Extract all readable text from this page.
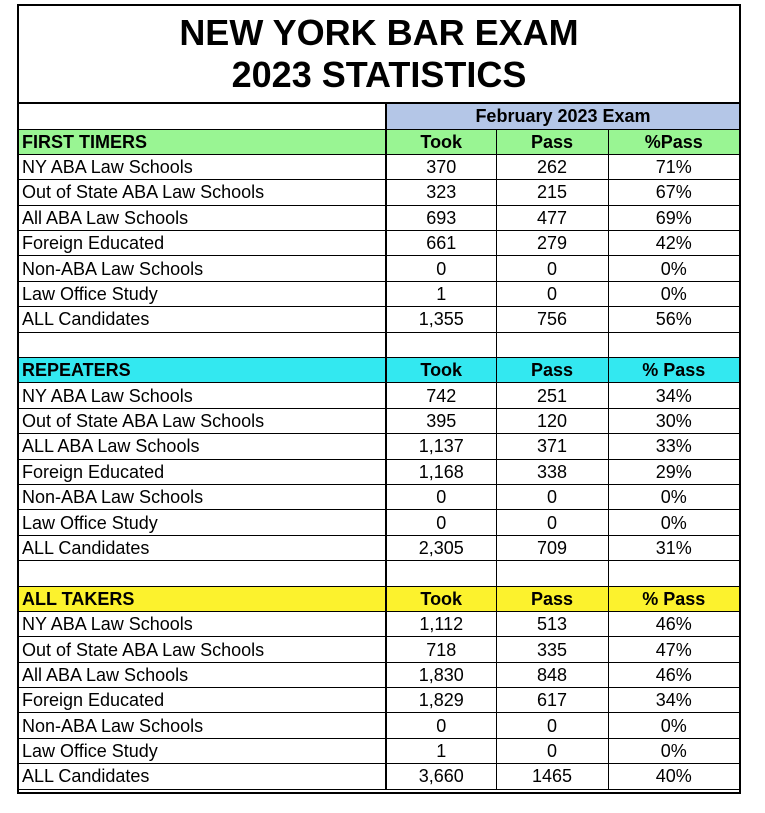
NEW YORK BAR EXAM
2023 STATISTICS
	February 2023 Exam		
FIRST TIMERS	Took	Pass	%Pass
NY ABA Law Schools	370	262	71%
Out of State ABA Law Schools	323	215	67%
All ABA Law Schools	693	477	69%
Foreign Educated	661	279	42%
Non-ABA Law Schools	0	0	0%
Law Office Study	1	0	0%
ALL Candidates	1,355	756	56%

REPEATERS	Took	Pass	% Pass
NY ABA Law Schools	742	251	34%
Out of State ABA Law Schools	395	120	30%
ALL ABA Law Schools	1,137	371	33%
Foreign Educated	1,168	338	29%
Non-ABA Law Schools	0	0	0%
Law Office Study	0	0	0%
ALL Candidates	2,305	709	31%

ALL TAKERS	Took	Pass	% Pass
NY ABA Law Schools	1,112	513	46%
Out of State ABA Law Schools	718	335	47%
All ABA Law Schools	1,830	848	46%
Foreign Educated	1,829	617	34%
Non-ABA Law Schools	0	0	0%
Law Office Study	1	0	0%
ALL Candidates	3,660	1465	40%
